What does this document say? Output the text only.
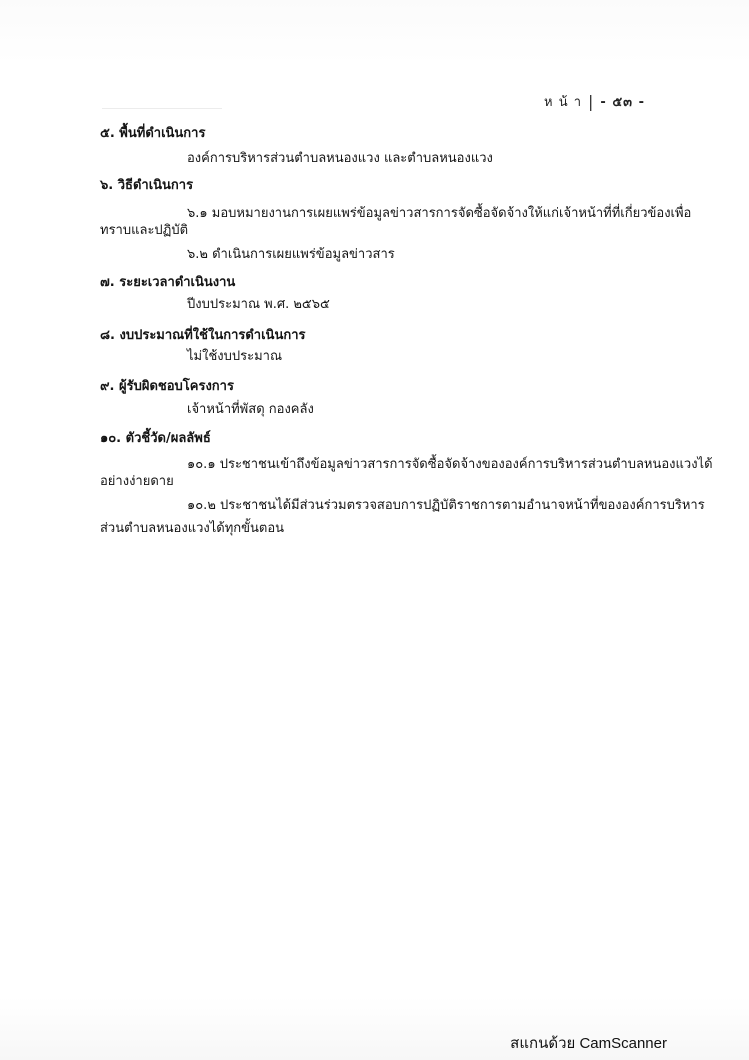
ห น้ า | - ๕๓ -
๕. พื้นที่ดำเนินการ
องค์การบริหารส่วนตำบลหนองแวง และตำบลหนองแวง
๖. วิธีดำเนินการ
๖.๑ มอบหมายงานการเผยแพร่ข้อมูลข่าวสารการจัดซื้อจัดจ้างให้แก่เจ้าหน้าที่ที่เกี่ยวข้องเพื่อ
ทราบและปฏิบัติ
๖.๒ ดำเนินการเผยแพร่ข้อมูลข่าวสาร
๗. ระยะเวลาดำเนินงาน
ปีงบประมาณ พ.ศ. ๒๕๖๕
๘. งบประมาณที่ใช้ในการดำเนินการ
ไม่ใช้งบประมาณ
๙. ผู้รับผิดชอบโครงการ
เจ้าหน้าที่พัสดุ กองคลัง
๑๐. ตัวชี้วัด/ผลลัพธ์
๑๐.๑ ประชาชนเข้าถึงข้อมูลข่าวสารการจัดซื้อจัดจ้างขององค์การบริหารส่วนตำบลหนองแวงได้
อย่างง่ายดาย
๑๐.๒ ประชาชนได้มีส่วนร่วมตรวจสอบการปฏิบัติราชการตามอำนาจหน้าที่ขององค์การบริหาร
ส่วนตำบลหนองแวงได้ทุกขั้นตอน
สแกนด้วย CamScanner
